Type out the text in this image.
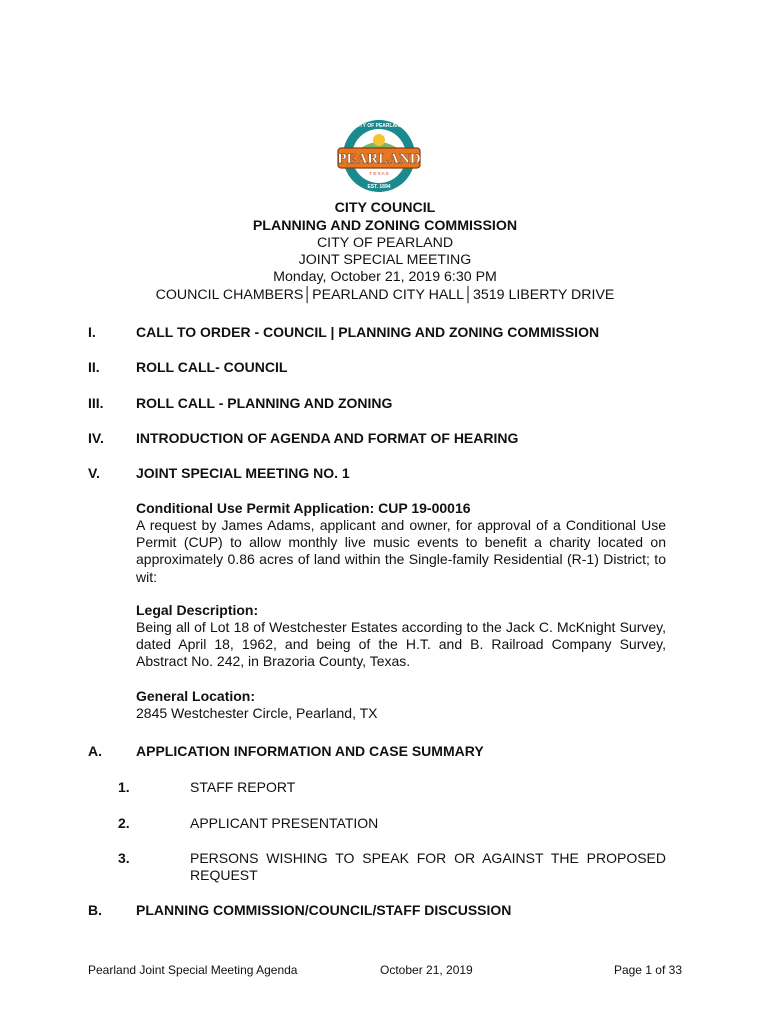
PEARLAND
T E X A S
EST. 1894
CITY OF PEARLAND
CITY COUNCIL
PLANNING AND ZONING COMMISSION
CITY OF PEARLAND
JOINT SPECIAL MEETING
Monday, October 21, 2019 6:30 PM
COUNCIL CHAMBERS│PEARLAND CITY HALL│3519 LIBERTY DRIVE
I.	CALL TO ORDER - COUNCIL | PLANNING AND ZONING COMMISSION
II.	ROLL CALL- COUNCIL
III. ROLL CALL - PLANNING AND ZONING
IV. INTRODUCTION OF AGENDA AND FORMAT OF HEARING
V.	JOINT SPECIAL MEETING NO. 1
Conditional Use Permit Application: CUP 19-00016
A request by James Adams, applicant and owner, for approval of a Conditional Use Permit (CUP) to allow monthly live music events to benefit a charity located on approximately 0.86 acres of land within the Single-family Residential (R-1) District; to wit:
Legal Description:
Being all of Lot 18 of Westchester Estates according to the Jack C. McKnight Survey, dated April 18, 1962, and being of the H.T. and B. Railroad Company Survey, Abstract No. 242, in Brazoria County, Texas.
General Location:
2845 Westchester Circle, Pearland, TX
A. APPLICATION INFORMATION AND CASE SUMMARY
1.	STAFF REPORT
2.	APPLICANT PRESENTATION
3.	PERSONS WISHING TO SPEAK FOR OR AGAINST THE PROPOSED REQUEST
B. PLANNING COMMISSION/COUNCIL/STAFF DISCUSSION
Pearland Joint Special Meeting Agenda	October 21, 2019	Page 1 of 33
